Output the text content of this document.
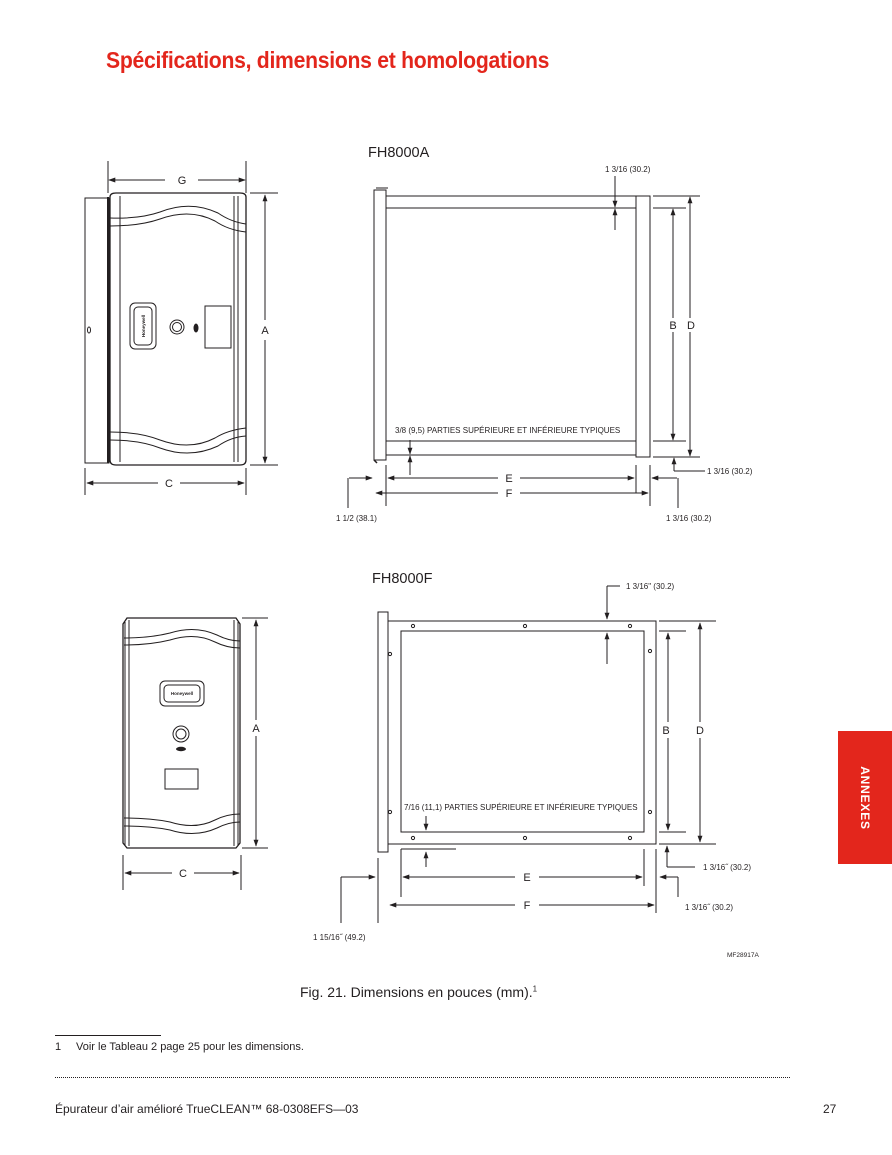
Spécifications, dimensions et homologations
Honeywell
Honeywell
G
A
C
B D
E
F
1 3/16 (30.2)
3/8 (9,5) PARTIES SUPÉRIEURE ET INFÉRIEURE TYPIQUES
1 3/16 (30.2)
1 1/2 (38.1)	1 3/16 (30.2)
A
C
B D
E
F
1 3/16" (30.2)
7/16 (11,1) PARTIES SUPÉRIEURE ET INFÉRIEURE TYPIQUES
1 3/16˝ (30.2)
1 3/16˝ (30.2)
1 15/16˝ (49.2)
MF28917A
FH8000A
FH8000F
Fig. 21. Dimensions en pouces (mm).$^1$
1 Voir le Tableau 2 page 25 pour les dimensions.
Épurateur d’air amélioré TrueCLEAN™ 68-0308EFS—03	27
ANNEXES
